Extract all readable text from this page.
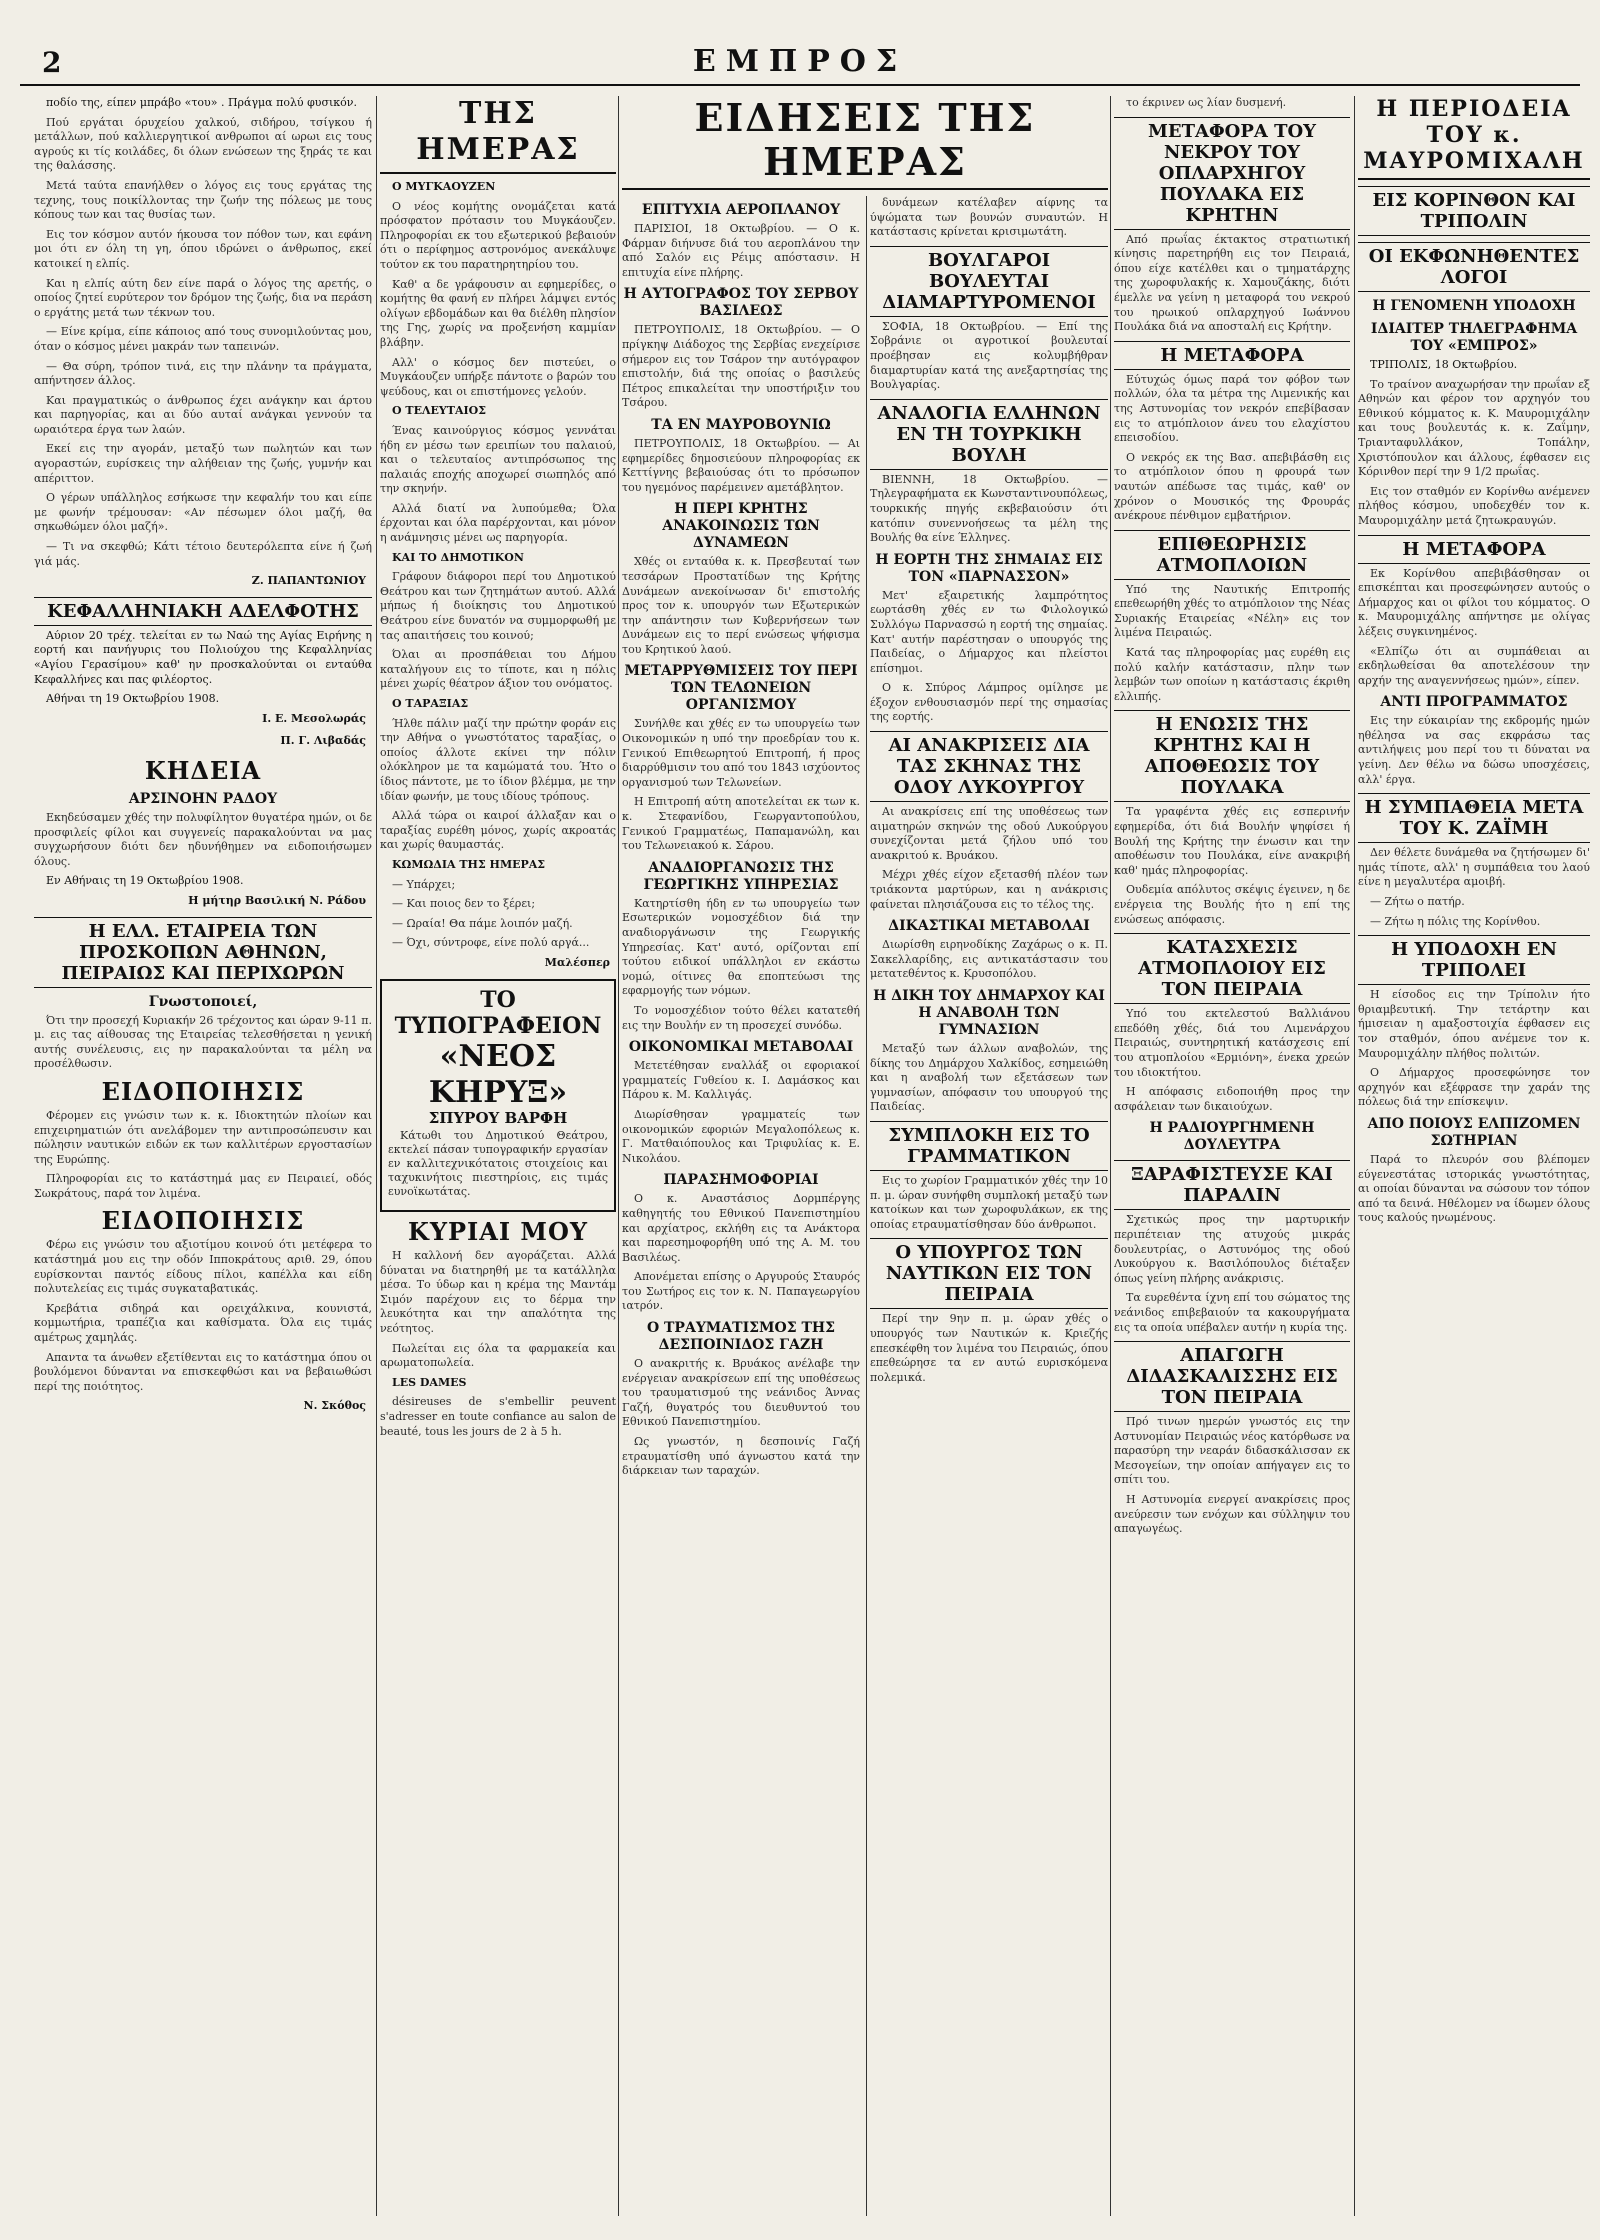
2	ΕΜΠΡΟΣ

ποδίο της, είπεν μπράβο «του» . Πράγμα πολύ φυσικόν.

Πού εργάται όρυχείου χαλκού, σιδήρου, τσίγκου ή μετάλλων, πού καλλιεργητικοί ανθρωποι αί ωρωι εις τους αγρούς κι τίς κοιλάδες, δι όλων ενώσεων της ξηράς τε και της θαλάσσης.

Μετά ταύτα επανήλθεν ο λόγος εις τους εργάτας της τεχνης, τους ποικίλλοντας την ζωήν της πόλεως με τους κόπους των και τας θυσίας των.

Εις τον κόσμον αυτόν ήκουσα τον πόθον των, και εφάνη μοι ότι εν όλη τη γη, όπου ιδρώνει ο άνθρωπος, εκεί κατοικεί η ελπίς.

Και η ελπίς αύτη δεν είνε παρά ο λόγος της αρετής, ο οποίος ζητεί ευρύτερον τον δρόμον της ζωής, δια να περάση ο εργάτης μετά των τέκνων του.

— Είνε κρίμα, είπε κάποιος από τους συνομιλούντας μου, όταν ο κόσμος μένει μακράν των ταπεινών.

— Θα σύρη, τρόπον τινά, εις την πλάνην τα πράγματα, απήντησεν άλλος.

Και πραγματικώς ο άνθρωπος έχει ανάγκην και άρτου και παρηγορίας, και αι δύο αυταί ανάγκαι γεννούν τα ωραιότερα έργα των λαών.

Εκεί εις την αγοράν, μεταξύ των πωλητών και των αγοραστών, ευρίσκεις την αλήθειαν της ζωής, γυμνήν και απέριττον.

Ο γέρων υπάλληλος εσήκωσε την κεφαλήν του και είπε με φωνήν τρέμουσαν: «Αν πέσωμεν όλοι μαζή, θα σηκωθώμεν όλοι μαζή».

— Τι να σκεφθώ; Κάτι τέτοιο δευτερόλεπτα είνε ή ζωή γιά μάς.

Ζ. ΠΑΠΑΝΤΩΝΙΟΥ
ΚΕΦΑΛΛΗΝΙΑΚΗ ΑΔΕΛΦΟΤΗΣ

Αύριον 20 τρέχ. τελείται εν τω Ναώ της Αγίας Ειρήνης η εορτή και πανήγυρις του Πολιούχου της Κεφαλληνίας «Αγίου Γερασίμου» καθ' ην προσκαλούνται οι ενταύθα Κεφαλλήνες και πας φιλέορτος.

Αθήναι τη 19 Οκτωβρίου 1908.

Ι. Ε. Μεσολωράς
Π. Γ. Λιβαδάς
ΚΗΔΕΙΑ
ΑΡΣΙΝΟΗΝ ΡΑΔΟΥ

Εκηδεύσαμεν χθές την πολυφίλητον θυγατέρα ημών, οι δε προσφιλείς φίλοι και συγγενείς παρακαλούνται να μας συγχωρήσουν διότι δεν ηδυνήθημεν να ειδοποιήσωμεν όλους.

Εν Αθήναις τη 19 Οκτωβρίου 1908.

Η μήτηρ Βασιλική Ν. Ράδου
Η ΕΛΛ. ΕΤΑΙΡΕΙΑ ΤΩΝ ΠΡΟΣΚΟΠΩΝ ΑΘΗΝΩΝ, ΠΕΙΡΑΙΩΣ ΚΑΙ ΠΕΡΙΧΩΡΩΝ
Γνωστοποιεί,

Ότι την προσεχή Κυριακήν 26 τρέχοντος και ώραν 9-11 π. μ. εις τας αίθουσας της Εταιρείας τελεσθήσεται η γενική αυτής συνέλευσις, εις ην παρακαλούνται τα μέλη να προσέλθωσιν.

ΕΙΔΟΠΟΙΗΣΙΣ

Φέρομεν εις γνώσιν των κ. κ. Ιδιοκτητών πλοίων και επιχειρηματιών ότι ανελάβομεν την αντιπροσώπευσιν και πώλησιν ναυτικών ειδών εκ των καλλιτέρων εργοστασίων της Ευρώπης.

Πληροφορίαι εις το κατάστημά μας εν Πειραιεί, οδός Σωκράτους, παρά τον λιμένα.

ΕΙΔΟΠΟΙΗΣΙΣ

Φέρω εις γνώσιν του αξιοτίμου κοινού ότι μετέφερα το κατάστημά μου εις την οδόν Ιπποκράτους αριθ. 29, όπου ευρίσκονται παντός είδους πίλοι, καπέλλα και είδη πολυτελείας εις τιμάς συγκαταβατικάς.

Κρεβάτια σιδηρά και ορειχάλκινα, κουνιστά, κομμωτήρια, τραπέζια και καθίσματα. Όλα εις τιμάς αμέτρως χαμηλάς.

Απαντα τα άνωθεν εξετίθενται εις το κατάστημα όπου οι βουλόμενοι δύνανται να επισκεφθώσι και να βεβαιωθώσι περί της ποιότητος.

Ν. Σκόθος
ΤΗΣ ΗΜΕΡΑΣ

Ο ΜΥΓΚΑΟΥΖΕΝ

Ο νέος κομήτης ονομάζεται κατά πρόσφατον πρότασιν του Μυγκάουζεν. Πληροφορίαι εκ του εξωτερικού βεβαιούν ότι ο περίφημος αστρονόμος ανεκάλυψε τούτον εκ του παρατηρητηρίου του.

Καθ' α δε γράφουσιν αι εφημερίδες, ο κομήτης θα φανή εν πλήρει λάμψει εντός ολίγων εβδομάδων και θα διέλθη πλησίον της Γης, χωρίς να προξενήση καμμίαν βλάβην.

Αλλ' ο κόσμος δεν πιστεύει, ο Μυγκάουζεν υπήρξε πάντοτε ο βαρών του ψεύδους, και οι επιστήμονες γελούν.

Ο ΤΕΛΕΥΤΑΙΟΣ

Ένας καινούργιος κόσμος γεννάται ήδη εν μέσω των ερειπίων του παλαιού, και ο τελευταίος αντιπρόσωπος της παλαιάς εποχής αποχωρεί σιωπηλός από την σκηνήν.

Αλλά διατί να λυπούμεθα; Όλα έρχονται και όλα παρέρχονται, και μόνον η ανάμνησις μένει ως παρηγορία.

ΚΑΙ ΤΟ ΔΗΜΟΤΙΚΟΝ

Γράφουν διάφοροι περί του Δημοτικού Θεάτρου και των ζητημάτων αυτού. Αλλά μήπως ή διοίκησις του Δημοτικού Θεάτρου είνε δυνατόν να συμμορφωθή με τας απαιτήσεις του κοινού;

Όλαι αι προσπάθειαι του Δήμου καταλήγουν εις το τίποτε, και η πόλις μένει χωρίς θέατρον άξιον του ονόματος.

Ο ΤΑΡΑΞΙΑΣ

Ήλθε πάλιν μαζί την πρώτην φοράν εις την Αθήνα ο γνωστότατος ταραξίας, ο οποίος άλλοτε εκίνει την πόλιν ολόκληρον με τα καμώματά του. Ήτο ο ίδιος πάντοτε, με το ίδιον βλέμμα, με την ιδίαν φωνήν, με τους ιδίους τρόπους.

Αλλά τώρα οι καιροί άλλαξαν και ο ταραξίας ευρέθη μόνος, χωρίς ακροατάς και χωρίς θαυμαστάς.

ΚΩΜΩΔΙΑ ΤΗΣ ΗΜΕΡΑΣ

— Υπάρχει;

— Και ποιος δεν το ξέρει;

— Ωραία! Θα πάμε λοιπόν μαζή.

— Όχι, σύντροφε, είνε πολύ αργά...

Μαλέσπερ
ΤΟ ΤΥΠΟΓΡΑΦΕΙΟΝ
«ΝΕΟΣ ΚΗΡΥΞ»
ΣΠΥΡΟΥ ΒΑΡΦΗ

Κάτωθι του Δημοτικού Θεάτρου, εκτελεί πάσαν τυπογραφικήν εργασίαν εν καλλιτεχνικότατοις στοιχείοις και ταχυκινήτοις πιεστηρίοις, εις τιμάς ευνοϊκωτάτας.

ΚΥΡΙΑΙ ΜΟΥ

Η καλλονή δεν αγοράζεται. Αλλά δύναται να διατηρηθή με τα κατάλληλα μέσα. Το ύδωρ και η κρέμα της Μαντάμ Σιμόν παρέχουν εις το δέρμα την λευκότητα και την απαλότητα της νεότητος.

Πωλείται εις όλα τα φαρμακεία και αρωματοπωλεία.

LES DAMES

désireuses de s'embellir peuvent s'adresser en toute confiance au salon de beauté, tous les jours de 2 à 5 h.

ΕΙΔΗΣΕΙΣ ΤΗΣ ΗΜΕΡΑΣ
ΕΠΙΤΥΧΙΑ ΑΕΡΟΠΛΑΝΟΥ

ΠΑΡΙΣΙΟΙ, 18 Οκτωβρίου. — Ο κ. Φάρμαν διήνυσε διά του αεροπλάνου την από Σαλόν εις Ρέιμς απόστασιν. Η επιτυχία είνε πλήρης.

Η ΑΥΤΟΓΡΑΦΟΣ ΤΟΥ ΣΕΡΒΟΥ ΒΑΣΙΛΕΩΣ

ΠΕΤΡΟΥΠΟΛΙΣ, 18 Οκτωβρίου. — Ο πρίγκηψ Διάδοχος της Σερβίας ενεχείρισε σήμερον εις τον Τσάρον την αυτόγραφον επιστολήν, διά της οποίας ο βασιλεύς Πέτρος επικαλείται την υποστήριξιν του Τσάρου.

ΤΑ ΕΝ ΜΑΥΡΟΒΟΥΝΙΩ

ΠΕΤΡΟΥΠΟΛΙΣ, 18 Οκτωβρίου. — Αι εφημερίδες δημοσιεύουν πληροφορίας εκ Κεττίγνης βεβαιούσας ότι το πρόσωπον του ηγεμόνος παρέμεινεν αμετάβλητον.

Η ΠΕΡΙ ΚΡΗΤΗΣ ΑΝΑΚΟΙΝΩΣΙΣ ΤΩΝ ΔΥΝΑΜΕΩΝ

Χθές οι ενταύθα κ. κ. Πρεσβευταί των τεσσάρων Προστατίδων της Κρήτης Δυνάμεων ανεκοίνωσαν δι' επιστολής προς τον κ. υπουργόν των Εξωτερικών την απάντησιν των Κυβερνήσεων των Δυνάμεων εις το περί ενώσεως ψήφισμα του Κρητικού λαού.

ΜΕΤΑΡΡΥΘΜΙΣΕΙΣ ΤΟΥ ΠΕΡΙ ΤΩΝ ΤΕΛΩΝΕΙΩΝ ΟΡΓΑΝΙΣΜΟΥ

Συνήλθε και χθές εν τω υπουργείω των Οικονομικών η υπό την προεδρίαν του κ. Γενικού Επιθεωρητού Επιτροπή, ή προς διαρρύθμισιν του από του 1843 ισχύοντος οργανισμού των Τελωνείων.

Η Επιτροπή αύτη αποτελείται εκ των κ. κ. Στεφανίδου, Γεωργαντοπούλου, Γενικού Γραμματέως, Παπαμανώλη, και του Τελωνειακού κ. Σάρου.

ΑΝΑΔΙΟΡΓΑΝΩΣΙΣ ΤΗΣ ΓΕΩΡΓΙΚΗΣ ΥΠΗΡΕΣΙΑΣ

Κατηρτίσθη ήδη εν τω υπουργείω των Εσωτερικών νομοσχέδιον διά την αναδιοργάνωσιν της Γεωργικής Υπηρεσίας. Κατ' αυτό, ορίζονται επί τούτου ειδικοί υπάλληλοι εν εκάστω νομώ, οίτινες θα εποπτεύωσι της εφαρμογής των νόμων.

Το νομοσχέδιον τούτο θέλει κατατεθή εις την Βουλήν εν τη προσεχεί συνόδω.

ΟΙΚΟΝΟΜΙΚΑΙ ΜΕΤΑΒΟΛΑΙ

Μετετέθησαν εναλλάξ οι εφοριακοί γραμματείς Γυθείου κ. Ι. Δαμάσκος και Πάρου κ. Μ. Καλλιγάς.

Διωρίσθησαν γραμματείς των οικονομικών εφοριών Μεγαλοπόλεως κ. Γ. Ματθαιόπουλος και Τριφυλίας κ. Ε. Νικολάου.

ΠΑΡΑΣΗΜΟΦΟΡΙΑΙ

Ο κ. Αναστάσιος Δορμπέργης καθηγητής του Εθνικού Πανεπιστημίου και αρχίατρος, εκλήθη εις τα Ανάκτορα και παρεσημοφορήθη υπό της Α. Μ. του Βασιλέως.

Απονέμεται επίσης ο Αργυρούς Σταυρός του Σωτήρος εις τον κ. Ν. Παπαγεωργίου ιατρόν.

Ο ΤΡΑΥΜΑΤΙΣΜΟΣ ΤΗΣ ΔΕΣΠΟΙΝΙΔΟΣ ΓΑΖΗ

Ο ανακριτής κ. Βρυάκος ανέλαβε την ενέργειαν ανακρίσεων επί της υποθέσεως του τραυματισμού της νεάνιδος Άννας Γαζή, θυγατρός του διευθυντού του Εθνικού Πανεπιστημίου.

Ως γνωστόν, η δεσποινίς Γαζή ετραυματίσθη υπό άγνωστου κατά την διάρκειαν των ταραχών.

δυνάμεων κατέλαβεν αίφνης τα ύψώματα των βουνών συναυτών. Η κατάστασις κρίνεται κρισιμωτάτη.

ΒΟΥΛΓΑΡΟΙ ΒΟΥΛΕΥΤΑΙ ΔΙΑΜΑΡΤΥΡΟΜΕΝΟΙ

ΣΟΦΙΑ, 18 Οκτωβρίου. — Επί της Σοβράνιε οι αγροτικοί βουλευταί προέβησαν εις κολυμβήθραν διαμαρτυρίαν κατά της ανεξαρτησίας της Βουλγαρίας.

ΑΝΑΛΟΓΙΑ ΕΛΛΗΝΩΝ ΕΝ ΤΗ ΤΟΥΡΚΙΚΗ ΒΟΥΛΗ

ΒΙΕΝΝΗ, 18 Οκτωβρίου. — Τηλεγραφήματα εκ Κωνσταντινουπόλεως, τουρκικής πηγής εκβεβαιούσιν ότι κατόπιν συνεννοήσεως τα μέλη της Βουλής θα είνε Έλληνες.

Η ΕΟΡΤΗ ΤΗΣ ΣΗΜΑΙΑΣ ΕΙΣ ΤΟΝ «ΠΑΡΝΑΣΣΟΝ»

Μετ' εξαιρετικής λαμπρότητος εωρτάσθη χθές εν τω Φιλολογικώ Συλλόγω Παρνασσώ η εορτή της σημαίας. Κατ' αυτήν παρέστησαν ο υπουργός της Παιδείας, ο Δήμαρχος και πλείστοι επίσημοι.

Ο κ. Σπύρος Λάμπρος ομίλησε με έξοχον ενθουσιασμόν περί της σημασίας της εορτής.

ΑΙ ΑΝΑΚΡΙΣΕΙΣ ΔΙΑ ΤΑΣ ΣΚΗΝΑΣ ΤΗΣ ΟΔΟΥ ΛΥΚΟΥΡΓΟΥ

Αι ανακρίσεις επί της υποθέσεως των αιματηρών σκηνών της οδού Λυκούργου συνεχίζονται μετά ζήλου υπό του ανακριτού κ. Βρυάκου.

Μέχρι χθές είχον εξετασθή πλέον των τριάκοντα μαρτύρων, και η ανάκρισις φαίνεται πλησιάζουσα εις το τέλος της.

ΔΙΚΑΣΤΙΚΑΙ ΜΕΤΑΒΟΛΑΙ

Διωρίσθη ειρηνοδίκης Ζαχάρως ο κ. Π. Σακελλαρίδης, εις αντικατάστασιν του μετατεθέντος κ. Κρυσοπόλου.

Η ΔΙΚΗ ΤΟΥ ΔΗΜΑΡΧΟΥ ΚΑΙ Η ΑΝΑΒΟΛΗ ΤΩΝ ΓΥΜΝΑΣΙΩΝ

Μεταξύ των άλλων αναβολών, της δίκης του Δημάρχου Χαλκίδος, εσημειώθη και η αναβολή των εξετάσεων των γυμνασίων, απόφασιν του υπουργού της Παιδείας.

ΣΥΜΠΛΟΚΗ ΕΙΣ ΤΟ ΓΡΑΜΜΑΤΙΚΟΝ

Εις το χωρίον Γραμματικόν χθές την 10 π. μ. ώραν συνήφθη συμπλοκή μεταξύ των κατοίκων και των χωροφυλάκων, εκ της οποίας ετραυματίσθησαν δύο άνθρωποι.

Ο ΥΠΟΥΡΓΟΣ ΤΩΝ ΝΑΥΤΙΚΩΝ ΕΙΣ ΤΟΝ ΠΕΙΡΑΙΑ

Περί την 9ην π. μ. ώραν χθές ο υπουργός των Ναυτικών κ. Κριεζής επεσκέφθη τον λιμένα του Πειραιώς, όπου επεθεώρησε τα εν αυτώ ευρισκόμενα πολεμικά.

το έκρινεν ως λίαν δυσμενή.

ΜΕΤΑΦΟΡΑ ΤΟΥ ΝΕΚΡΟΥ ΤΟΥ ΟΠΛΑΡΧΗΓΟΥ ΠΟΥΛΑΚΑ ΕΙΣ ΚΡΗΤΗΝ

Από πρωΐας έκτακτος στρατιωτική κίνησις παρετηρήθη εις τον Πειραιά, όπου είχε κατέλθει και ο τμηματάρχης της χωροφυλακής κ. Χαμουζάκης, διότι έμελλε να γείνη η μεταφορά του νεκρού του ηρωικού οπλαρχηγού Ιωάννου Πουλάκα διά να αποσταλή εις Κρήτην.

Η ΜΕΤΑΦΟΡΑ

Εύτυχώς όμως παρά τον φόβον των πολλών, όλα τα μέτρα της Λιμενικής και της Αστυνομίας τον νεκρόν επεβίβασαν εις το ατμόπλοιον άνευ του ελαχίστου επεισοδίου.

Ο νεκρός εκ της Βασ. απεβιβάσθη εις το ατμόπλοιον όπου η φρουρά των ναυτών απέδωσε τας τιμάς, καθ' ον χρόνον ο Μουσικός της Φρουράς ανέκρουε πένθιμον εμβατήριον.

ΕΠΙΘΕΩΡΗΣΙΣ ΑΤΜΟΠΛΟΙΩΝ

Υπό της Ναυτικής Επιτροπής επεθεωρήθη χθές το ατμόπλοιον της Νέας Συριακής Εταιρείας «Νέλη» εις τον λιμένα Πειραιώς.

Κατά τας πληροφορίας μας ευρέθη εις πολύ καλήν κατάστασιν, πλην των λεμβών των οποίων η κατάστασις έκριθη ελλιπής.

Η ΕΝΩΣΙΣ ΤΗΣ ΚΡΗΤΗΣ ΚΑΙ Η ΑΠΟΘΕΩΣΙΣ ΤΟΥ ΠΟΥΛΑΚΑ

Τα γραφέντα χθές εις εσπερινήν εφημερίδα, ότι διά Βουλήν ψηφίσει ή Βουλή της Κρήτης την ένωσιν και την αποθέωσιν του Πουλάκα, είνε ανακριβή καθ' ημάς πληροφορίας.

Ουδεμία απόλυτος σκέψις έγεινεν, η δε ενέργεια της Βουλής ήτο η επί της ενώσεως απόφασις.

ΚΑΤΑΣΧΕΣΙΣ ΑΤΜΟΠΛΟΙΟΥ ΕΙΣ ΤΟΝ ΠΕΙΡΑΙΑ

Υπό του εκτελεστού Βαλλιάνου επεδόθη χθές, διά του Λιμενάρχου Πειραιώς, συντηρητική κατάσχεσις επί του ατμοπλοίου «Ερμιόνη», ένεκα χρεών του ιδιοκτήτου.

Η απόφασις ειδοποιήθη προς την ασφάλειαν των δικαιούχων.

Η ΡΑΔΙΟΥΡΓΗΜΕΝΗ ΔΟΥΛΕΥΤΡΑ
ΞΑΡΑΦΙΣΤΕΥΣΕ ΚΑΙ ΠΑΡΑΛΙΝ

Σχετικώς προς την μαρτυρικήν περιπέτειαν της ατυχούς μικράς δουλευτρίας, ο Αστυνόμος της οδού Λυκούργου κ. Βασιλόπουλος διέταξεν όπως γείνη πλήρης ανάκρισις.

Τα ευρεθέντα ίχνη επί του σώματος της νεάνιδος επιβεβαιούν τα κακουργήματα εις τα οποία υπέβαλεν αυτήν η κυρία της.

ΑΠΑΓΩΓΗ ΔΙΔΑΣΚΑΛΙΣΣΗΣ ΕΙΣ ΤΟΝ ΠΕΙΡΑΙΑ

Πρό τινων ημερών γνωστός εις την Αστυνομίαν Πειραιώς νέος κατόρθωσε να παρασύρη την νεαράν διδασκάλισσαν εκ Μεσογείων, την οποίαν απήγαγεν εις το σπίτι του.

Η Αστυνομία ενεργεί ανακρίσεις προς ανεύρεσιν των ενόχων και σύλληψιν του απαγωγέως.

Η ΠΕΡΙΟΔΕΙΑ ΤΟΥ κ. ΜΑΥΡΟΜΙΧΑΛΗ
ΕΙΣ ΚΟΡΙΝΘΟΝ ΚΑΙ ΤΡΙΠΟΛΙΝ
ΟΙ ΕΚΦΩΝΗΘΕΝΤΕΣ ΛΟΓΟΙ
Η ΓΕΝΟΜΕΝΗ ΥΠΟΔΟΧΗ
ΙΔΙΑΙΤΕΡ ΤΗΛΕΓΡΑΦΗΜΑ ΤΟΥ «ΕΜΠΡΟΣ»

ΤΡΙΠΟΛΙΣ, 18 Οκτωβρίου.

Το τραίνον αναχωρήσαν την πρωΐαν εξ Αθηνών και φέρον τον αρχηγόν του Εθνικού κόμματος κ. Κ. Μαυρομιχάλην και τους βουλευτάς κ. κ. Ζαΐμην, Τριανταφυλλάκον, Τοπάλην, Χριστόπουλον και άλλους, έφθασεν εις Κόρινθον περί την 9 1/2 πρωΐας.

Εις τον σταθμόν εν Κορίνθω ανέμενεν πλήθος κόσμου, υποδεχθέν τον κ. Μαυρομιχάλην μετά ζητωκραυγών.

Η ΜΕΤΑΦΟΡΑ

Εκ Κορίνθου απεβιβάσθησαν οι επισκέπται και προσεφώνησεν αυτούς ο Δήμαρχος και οι φίλοι του κόμματος. Ο κ. Μαυρομιχάλης απήντησε με ολίγας λέξεις συγκινημένος.

«Ελπίζω ότι αι συμπάθειαι αι εκδηλωθείσαι θα αποτελέσουν την αρχήν της αναγεννήσεως ημών», είπεν.

ΑΝΤΙ ΠΡΟΓΡΑΜΜΑΤΟΣ

Εις την εύκαιρίαν της εκδρομής ημών ηθέλησα να σας εκφράσω τας αντιλήψεις μου περί του τι δύναται να γείνη. Δεν θέλω να δώσω υποσχέσεις, αλλ' έργα.

Η ΣΥΜΠΑΘΕΙΑ ΜΕΤΑ ΤΟΥ Κ. ΖΑΪΜΗ

Δεν θέλετε δυνάμεθα να ζητήσωμεν δι' ημάς τίποτε, αλλ' η συμπάθεια του λαού είνε η μεγαλυτέρα αμοιβή.

— Ζήτω ο πατήρ.

— Ζήτω η πόλις της Κορίνθου.

Η ΥΠΟΔΟΧΗ ΕΝ ΤΡΙΠΟΛΕΙ

Η είσοδος εις την Τρίπολιν ήτο θριαμβευτική. Την τετάρτην και ήμισειαν η αμαξοστοιχία έφθασεν εις τον σταθμόν, όπου ανέμενε τον κ. Μαυρομιχάλην πλήθος πολιτών.

Ο Δήμαρχος προσεφώνησε τον αρχηγόν και εξέφρασε την χαράν της πόλεως διά την επίσκεψιν.

ΑΠΟ ΠΟΙΟΥΣ ΕΛΠΙΖΟΜΕΝ ΣΩΤΗΡΙΑΝ

Παρά το πλευρόν σου βλέπομεν εύγενεστάτας ιστορικάς γνωστότητας, αι οποίαι δύνανται να σώσουν τον τόπον από τα δεινά. Ηθέλομεν να ίδωμεν όλους τους καλούς ηνωμένους.
